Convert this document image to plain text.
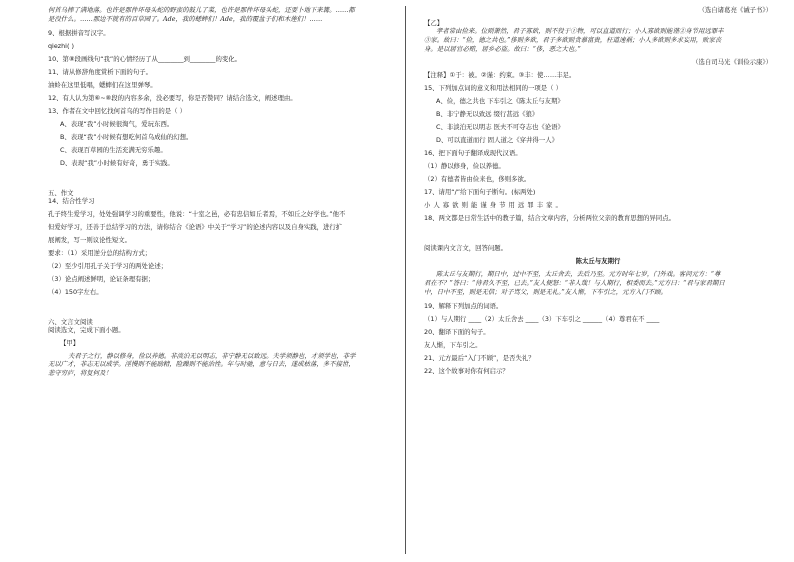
何首乌摔了满地落。也许是那件坏母头蛇的野蛮的鼓儿了菜，也许是那件坏母头蛇，还要卜地下来篝。……都

是没什么。……那边不就有的百草园了。Ade，我的蟋蟀们！Ade，我的覆盆子们和木莲们！……

9、根据拼音写汉字。

qiezhi( )

10、第⑧段画线句“我”的心情经历了从________到________的变化。

11、请从修辞角度赏析下面的句子。

油蛉在这里低唱，蟋蟀们在这里弹琴。

12、有人认为第⑥~⑧段的内容多余，没必要写，你是否赞同？请结合选文，阐述理由。

13、作者在文中回忆找何首乌的写作目的是（ ）

A、表现“我”小时候很淘气，爱玩东西。

B、表现“我”小时候有想吃何首乌成仙的幻想。

C、表现百草园的生活充满无穷乐趣。

D、表现“我”小时候有好奇，勇于实践。

五、作文

14、结合性学习

孔子终生爱学习，处处强调学习的重要性，他说：“十室之邑，必有忠信如丘者焉，不如丘之好学也。”他不

但爱好学习，还善于总结学习的方法，请你结合《论语》中关于“学习”的论述内容以及自身实践，进行扩

展阐发，写一则议论性短文。

要求：（1）采用逆分总的结构方式；

（2）至少引用孔子关于学习的两处论述；

（3）论点阐述鲜明，论证条理有据；

（4）150字左右。

六、文言文阅读

阅读选文，完成下面小题。

【甲】

夫君子之行，静以修身，俭以养德。非淡泊无以明志，非宁静无以致远。夫学须静也，才须学也，非学

无以广才，非志无以成学。淫慢则不能励精，险躁则不能治性。年与时驰，意与日去，遂成枯落，多不接世，

悲守穷庐，将复何及！

（选自诸葛亮《诫子书》）

【乙】

孝者常由俭来。位则萧然，君子寡欲，则不役于①物，可以直道而行；小人寡欲则能谨②身节用远罪丰

③家。故曰：“俭，德之共也。”侈则多欲，君子多欲则贪慕富贵，枉道速祸；小人多欲则多求妄用，败家丧

身。是以居官必贿，居乡必盗。故曰：“侈，恶之大也。”

（选自司马光《训俭示康》）

【注释】①于：被。②谨：约束。③丰：使……丰足。

15、下列加点词的意义和用法相同的一项是（ ）

A、俭，德之共也 下车引之《陈太丘与友期》

B、非宁静无以致远 缀行甚远《狼》

C、非淡泊无以明志 医夫不可夺志也《论语》

D、可以直道而行 固人道之《穿井得一人》

16、把下面句子翻译成现代汉语。

（1）静以修身，俭以养德。

（2）有德者皆由俭来也，侈则多欲。

17、请用“/”给下面句子断句。(标两处)

小人寡欲则能谨身节用远罪丰家。

18、两文都是日常生活中的教子篇，结合文章内容，分析两位父亲的教育思想的异同点。

阅读课内文言文，回答问题。

陈太丘与友期行

陈太丘与友期行，期日中，过中不至，太丘舍去，去后乃至。元方时年七岁，门外戏。客问元方：“尊

君在不？”答曰：“待君久不至，已去。”友人便怒：“非人哉！与人期行，相委而去。”元方曰：“君与家君期日

中，日中不至，则是无信；对子骂父，则是无礼。”友人惭，下车引之，元方入门不顾。

19、解释下列加点的词语。

（1）与人期行 ____（2）太丘舍去 ____（3）下车引之 ______（4）尊君在不 ____

20、翻译下面的句子。

友人惭，下车引之。

21、元方最后“入门不顾”，是否失礼？

22、这个故事对你有何启示？
